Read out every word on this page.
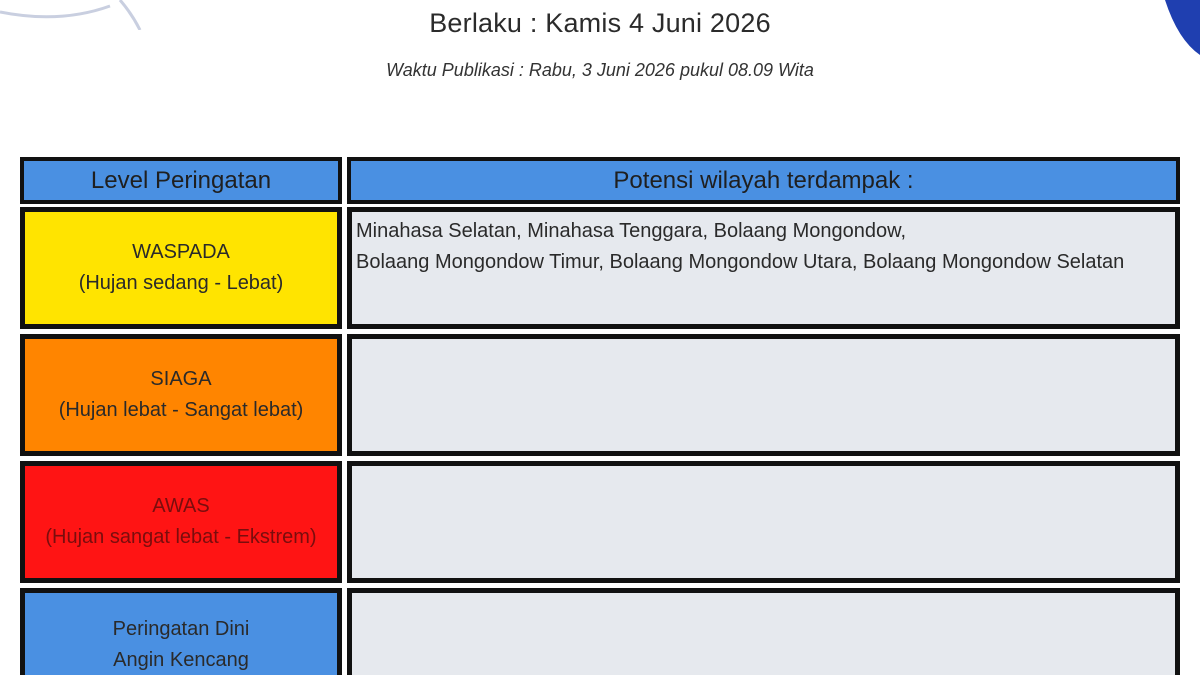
Berlaku : Kamis 4 Juni 2026
Waktu Publikasi : Rabu, 3 Juni 2026 pukul 08.09 Wita
Level Peringatan	Potensi wilayah terdampak :
WASPADA
(Hujan sedang - Lebat)
Minahasa Selatan, Minahasa Tenggara, Bolaang Mongondow,
Bolaang Mongondow Timur, Bolaang Mongondow Utara, Bolaang Mongondow Selatan
SIAGA
(Hujan lebat - Sangat lebat)
AWAS
(Hujan sangat lebat - Ekstrem)
Peringatan Dini
Angin Kencang
